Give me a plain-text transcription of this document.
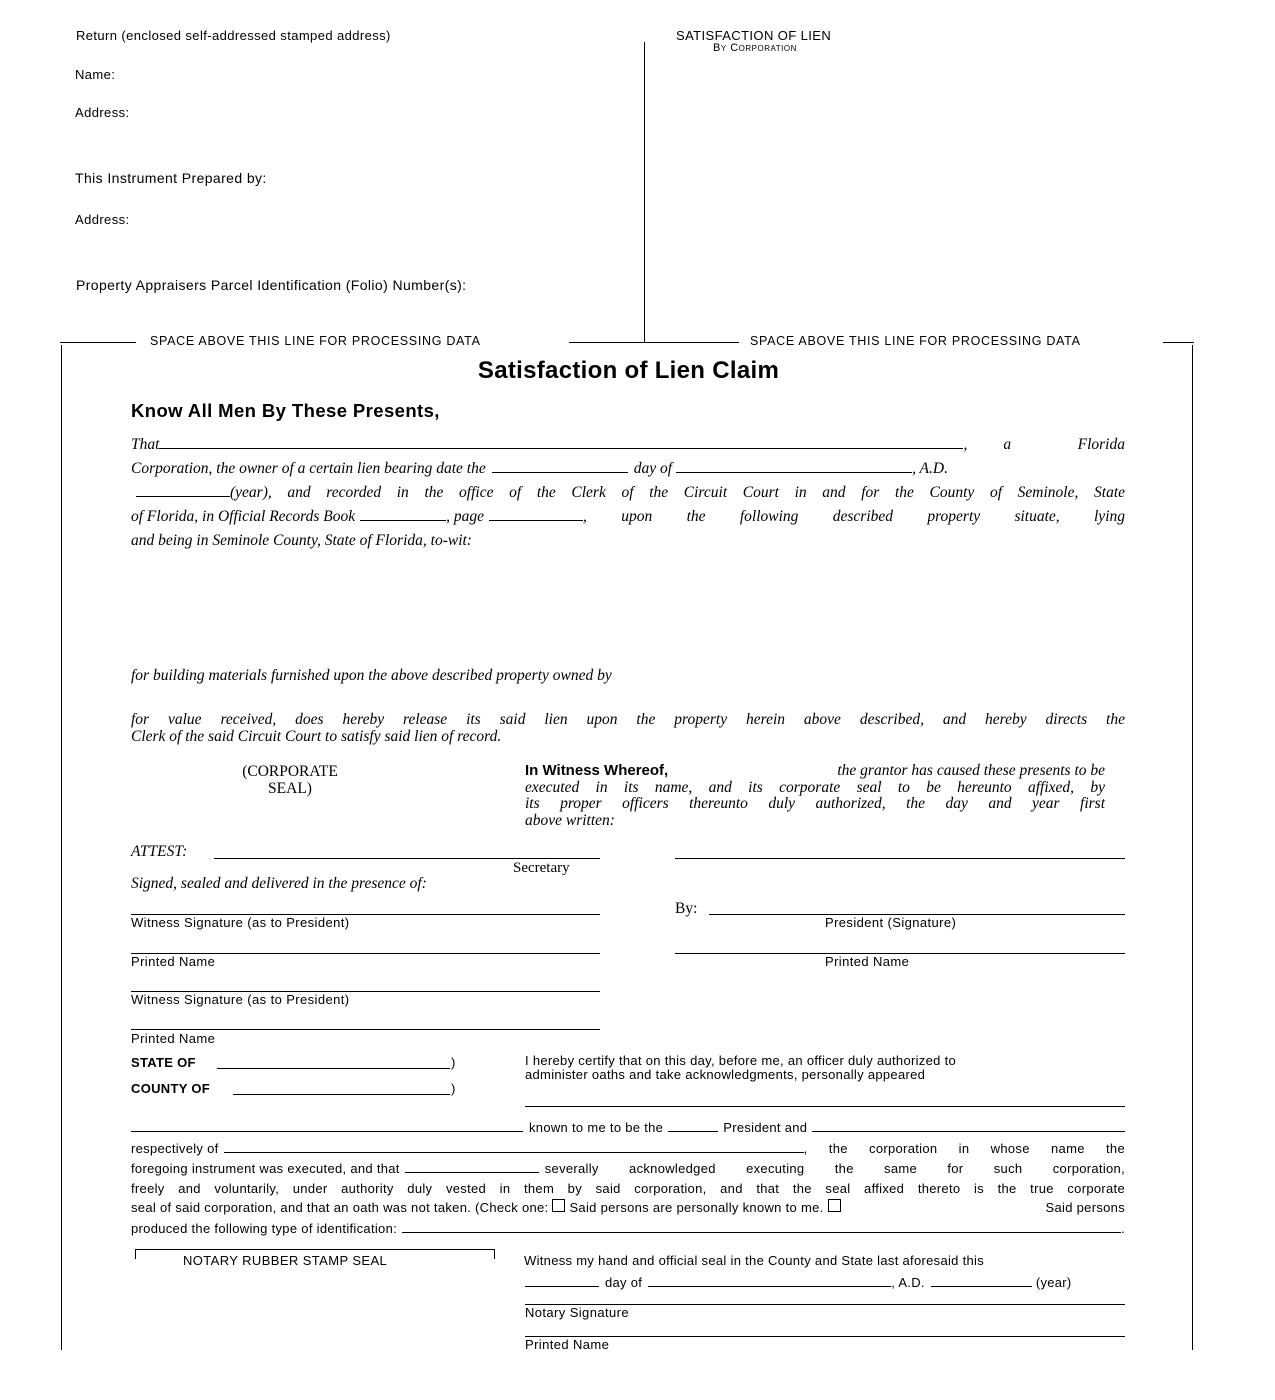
Return (enclosed self-addressed stamped address)
Name:
Address:
This Instrument Prepared by:
Address:
Property Appraisers Parcel Identification (Folio) Number(s):
SATISFACTION OF LIEN
By Corporation
SPACE ABOVE THIS LINE FOR PROCESSING DATA	SPACE ABOVE THIS LINE FOR PROCESSING DATA
Satisfaction of Lien Claim
Know All Men By These Presents,
That	, a	Florida
Corporation, the owner of a certain lien bearing date the	day of	, A.D.
(year), and recorded in the office of the Clerk of the Circuit Court in and for the County of Seminole, State
of Florida, in Official Records Book	, page	, upon the following described property situate, lying
and being in Seminole County, State of Florida, to-wit:
for building materials furnished upon the above described property owned by
for value received, does hereby release its said lien upon the property herein above described, and hereby directs the
Clerk of the said Circuit Court to satisfy said lien of record.
(CORPORATE
SEAL)
In Witness Whereof,	the grantor has caused these presents to be
executed in its name, and its corporate seal to be hereunto affixed, by
its proper officers thereunto duly authorized, the day and year first
above written:
ATTEST:
Secretary
Signed, sealed and delivered in the presence of:
Witness Signature (as to President)
By:
President (Signature)
Printed Name	Printed Name
Witness Signature (as to President)
Printed Name
STATE OF	)
COUNTY OF	)
I hereby certify that on this day, before me, an officer duly authorized to
administer oaths and take acknowledgments, personally appeared
known to me to be the	President and
respectively of	, the corporation in whose name the
foregoing instrument was executed, and that	severally acknowledged executing the same for such corporation,
freely and voluntarily, under authority duly vested in them by said corporation, and that the seal affixed thereto is the true corporate
seal of said corporation, and that an oath was not taken. (Check one: Said persons are personally known to me.	Said persons
produced the following type of identification:	.
NOTARY RUBBER STAMP SEAL	Witness my hand and official seal in the County and State last aforesaid this
day of	, A.D.	(year)
Notary Signature
Printed Name
